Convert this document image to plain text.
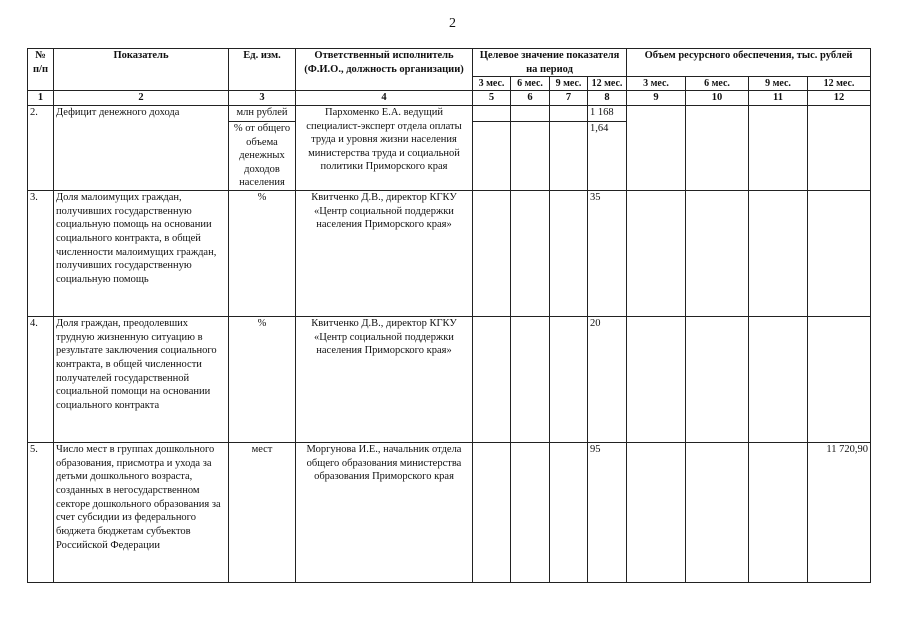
2
№ п/п	Показатель	Ед. изм.	Ответственный исполнитель (Ф.И.О., должность организации)	Целевое значение показателя на период				Объем ресурсного обеспечения, тыс. рублей			
				3 мес.	6 мес.	9 мес.	12 мес.	3 мес.	6 мес.	9 мес.	12 мес.
1	2	3	4	5	6	7	8	9	10	11	12
2.	Дефицит денежного дохода	млн рублей	Пархоменко Е.А. ведущий специалист-эксперт отдела оплаты труда и уровня жизни населения министерства труда и социальной политики Приморского края				1 168				
		% от общего объема денежных доходов населения					1,64				
3.	Доля малоимущих граждан, получивших государственную социальную помощь на основании социального контракта, в общей численности малоимущих граждан, получивших государственную социальную помощь	%	Квитченко Д.В., директор КГКУ «Центр социальной поддержки населения Приморского края»				35				
4.	Доля граждан, преодолевших трудную жизненную ситуацию в результате заключения социального контракта, в общей численности получателей государственной социальной помощи на основании социального контракта	%	Квитченко Д.В., директор КГКУ «Центр социальной поддержки населения Приморского края»				20				
5.	Число мест в группах дошкольного образования, присмотра и ухода за детьми дошкольного возраста, созданных в негосударственном секторе дошкольного образования за счет субсидии из федерального бюджета бюджетам субъектов Российской Федерации	мест	Моргунова И.Е., начальник отдела общего образования министерства образования Приморского края				95				11 720,90
